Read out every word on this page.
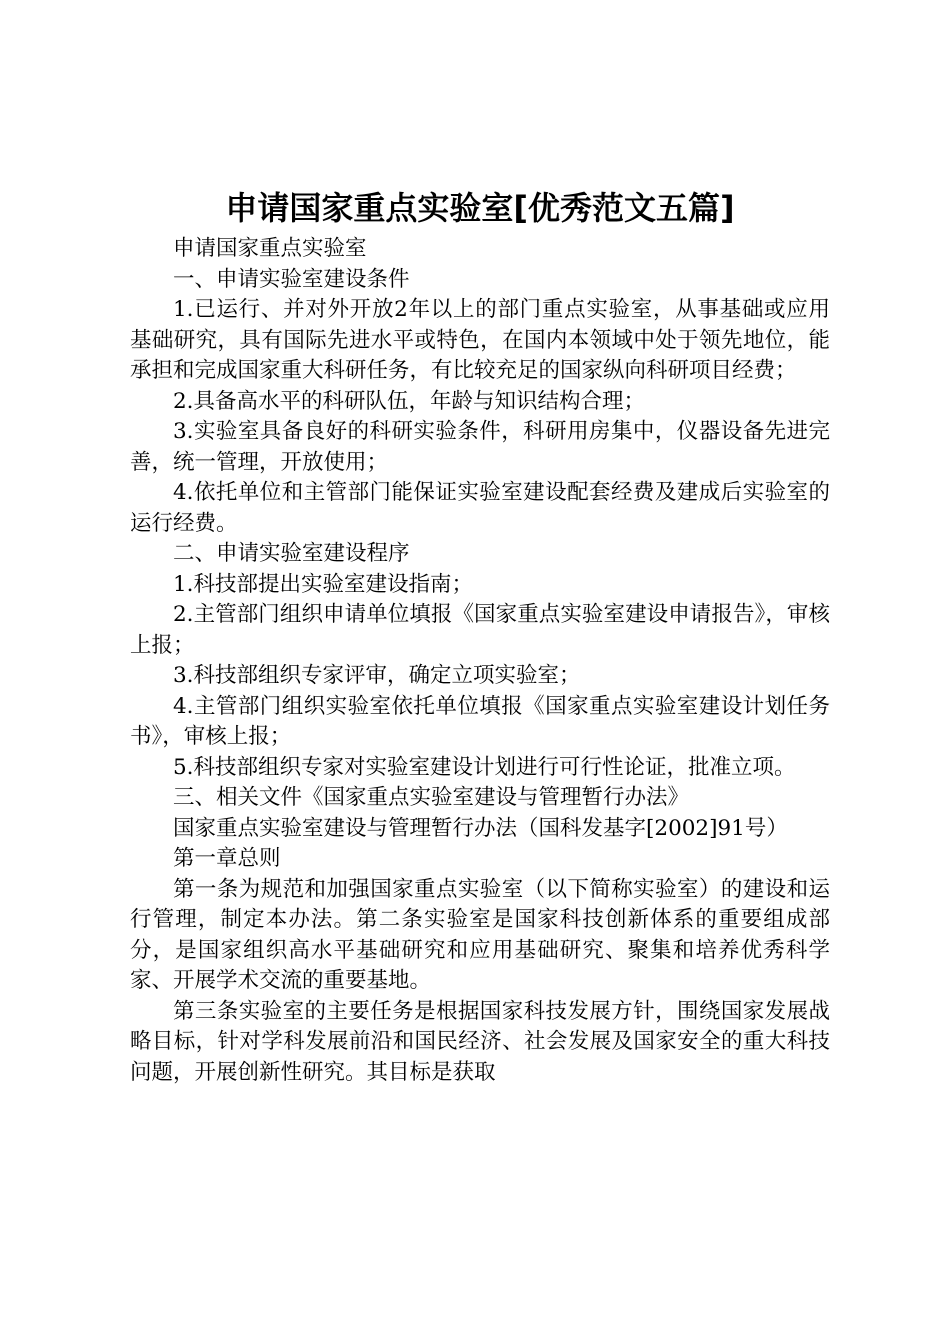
申请国家重点实验室[优秀范文五篇]

申请国家重点实验室

一、申请实验室建设条件

1.已运行、并对外开放2年以上的部门重点实验室，从事基础或应用基础研究，具有国际先进水平或特色，在国内本领域中处于领先地位，能承担和完成国家重大科研任务，有比较充足的国家纵向科研项目经费；

2.具备高水平的科研队伍，年龄与知识结构合理；

3.实验室具备良好的科研实验条件，科研用房集中，仪器设备先进完善，统一管理，开放使用；

4.依托单位和主管部门能保证实验室建设配套经费及建成后实验室的运行经费。

二、申请实验室建设程序

1.科技部提出实验室建设指南；

2.主管部门组织申请单位填报《国家重点实验室建设申请报告》，审核上报；

3.科技部组织专家评审，确定立项实验室；

4.主管部门组织实验室依托单位填报《国家重点实验室建设计划任务书》，审核上报；

5.科技部组织专家对实验室建设计划进行可行性论证，批准立项。

三、相关文件《国家重点实验室建设与管理暂行办法》

国家重点实验室建设与管理暂行办法（国科发基字[2002]91号）

第一章总则

第一条为规范和加强国家重点实验室（以下简称实验室）的建设和运行管理，制定本办法。第二条实验室是国家科技创新体系的重要组成部分，是国家组织高水平基础研究和应用基础研究、聚集和培养优秀科学家、开展学术交流的重要基地。

第三条实验室的主要任务是根据国家科技发展方针，围绕国家发展战略目标，针对学科发展前沿和国民经济、社会发展及国家安全的重大科技问题，开展创新性研究。其目标是获取
